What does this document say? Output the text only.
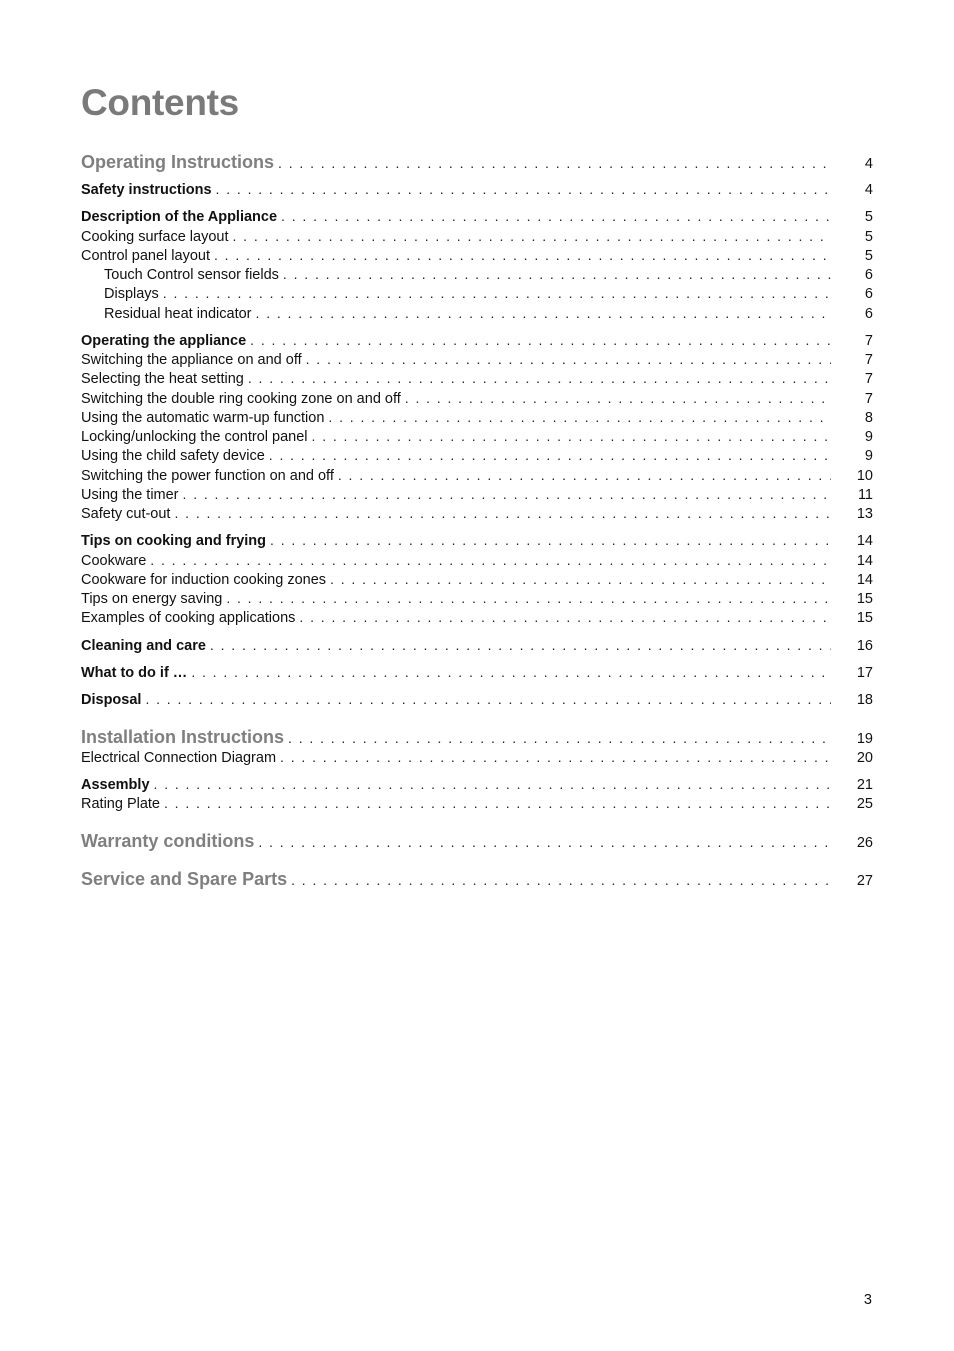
Contents
Operating Instructions . . .	4
Safety instructions . . .	4
Description of the Appliance . . .	5
Cooking surface layout . . .	5
Control panel layout . . .	5
Touch Control sensor fields . . .	6
Displays . . .	6
Residual heat indicator . . .	6
Operating the appliance . . .	7
Switching the appliance on and off . . .	7
Selecting the heat setting . . .	7
Switching the double ring cooking zone on and off . . .	7
Using the automatic warm-up function . . .	8
Locking/unlocking the control panel . . .	9
Using the child safety device . . .	9
Switching the power function on and off . . .	10
Using the timer . . .	11
Safety cut-out . . .	13
Tips on cooking and frying . . .	14
Cookware . . .	14
Cookware for induction cooking zones . . .	14
Tips on energy saving . . .	15
Examples of cooking applications . . .	15
Cleaning and care . . .	16
What to do if … . . .	17
Disposal . . .	18
Installation Instructions . . .	19
Electrical Connection Diagram . . .	20
Assembly . . .	21
Rating Plate . . .	25
Warranty conditions . . .	26
Service and Spare Parts . . .	27
3
